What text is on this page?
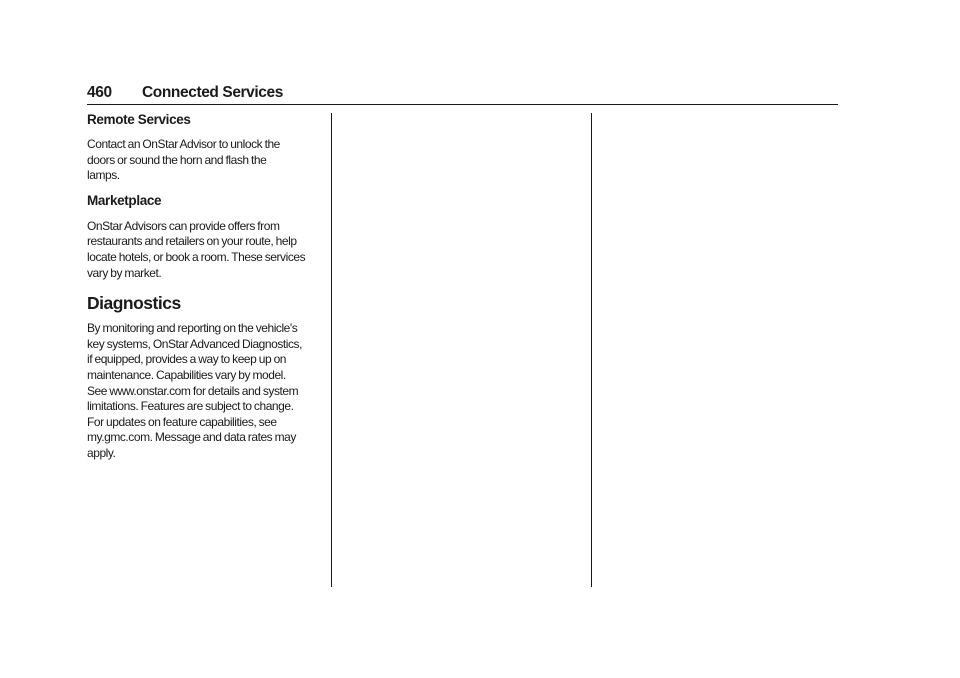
460 Connected Services
Remote Services

Contact an OnStar Advisor to unlock the
doors or sound the horn and flash the
lamps.

Marketplace

OnStar Advisors can provide offers from
restaurants and retailers on your route, help
locate hotels, or book a room. These services
vary by market.

Diagnostics

By monitoring and reporting on the vehicle's
key systems, OnStar Advanced Diagnostics,
if equipped, provides a way to keep up on
maintenance. Capabilities vary by model.
See www.onstar.com for details and system
limitations. Features are subject to change.
For updates on feature capabilities, see
my.gmc.com. Message and data rates may
apply.
